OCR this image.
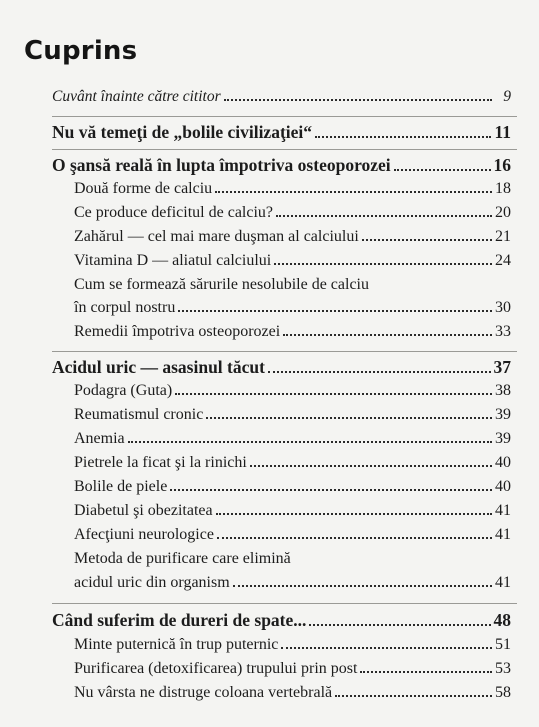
Cuprins
Cuvânt înainte către cititor	9
Nu vă temeţi de „bolile civilizaţiei“	11
O şansă reală în lupta împotriva osteoporozei	16
Două forme de calciu	18
Ce produce deficitul de calciu?	20
Zahărul — cel mai mare duşman al calciului	21
Vitamina D — aliatul calciului	24
Cum se formează sărurile nesolubile de calciu
în corpul nostru	30
Remedii împotriva osteoporozei	33
Acidul uric — asasinul tăcut	37
Podagra (Guta)	38
Reumatismul cronic	39
Anemia	39
Pietrele la ficat şi la rinichi	40
Bolile de piele	40
Diabetul şi obezitatea	41
Afecţiuni neurologice	41
Metoda de purificare care elimină
acidul uric din organism	41
Când suferim de dureri de spate...	48
Minte puternică în trup puternic	51
Purificarea (detoxificarea) trupului prin post	53
Nu vârsta ne distruge coloana vertebrală	58
